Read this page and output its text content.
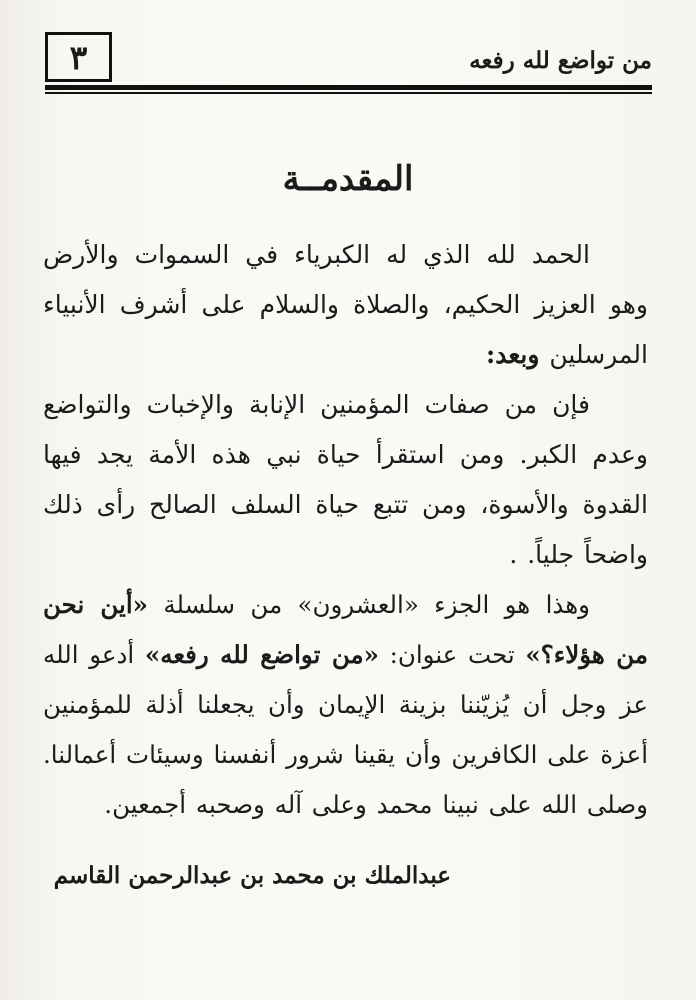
٣	من تواضع لله رفعه
المقدمــة

الحمد لله الذي له الكبرياء في السموات والأرض وهو العزيز الحكيم، والصلاة والسلام على أشرف الأنبياء المرسلين وبعد:

فإن من صفات المؤمنين الإنابة والإخبات والتواضع وعدم الكبر. ومن استقرأ حياة نبي هذه الأمة يجد فيها القدوة والأسوة، ومن تتبع حياة السلف الصالح رأى ذلك واضحاً جلياً. .

وهذا هو الجزء «العشرون» من سلسلة «أين نحن من هؤلاء؟» تحت عنوان: «من تواضع لله رفعه» أدعو الله عز وجل أن يُزيّننا بزينة الإيمان وأن يجعلنا أذلة للمؤمنين أعزة على الكافرين وأن يقينا شرور أنفسنا وسيئات أعمالنا. وصلى الله على نبينا محمد وعلى آله وصحبه أجمعين.

عبدالملك بن محمد بن عبدالرحمن القاسم
